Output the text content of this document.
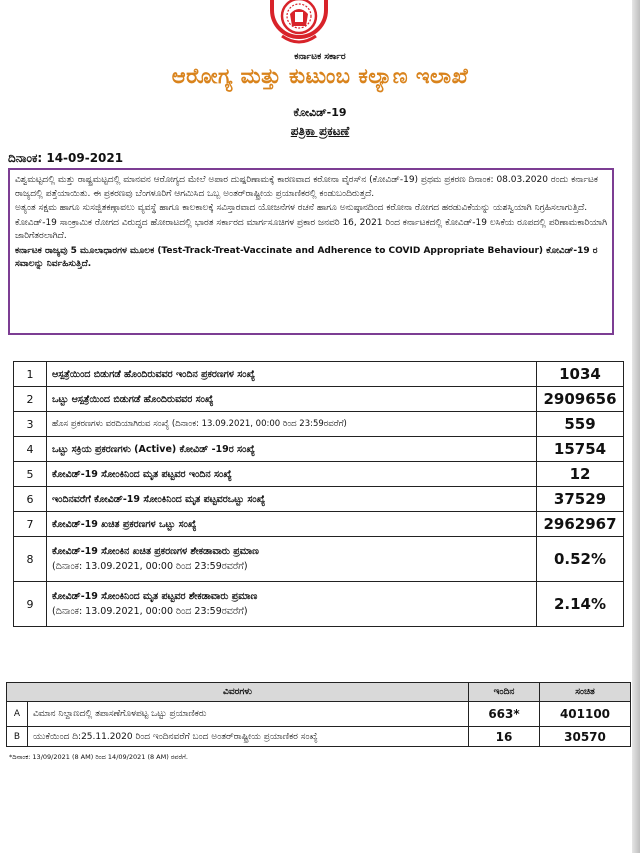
ಕರ್ನಾಟಕ ಸರ್ಕಾರ
ಆರೋಗ್ಯ ಮತ್ತು ಕುಟುಂಬ ಕಲ್ಯಾಣ ಇಲಾಖೆ
ಕೋವಿಡ್-19
ಪತ್ರಿಕಾ ಪ್ರಕಟಣೆ
ದಿನಾಂಕ: 14-09-2021

ವಿಶ್ವಮಟ್ಟದಲ್ಲಿ ಮತ್ತು ರಾಷ್ಟ್ರಮಟ್ಟದಲ್ಲಿ ಮಾನವನ ಆರೋಗ್ಯದ ಮೇಲೆ ಅಪಾರ ದುಷ್ಪರಿಣಾಮಕ್ಕೆ ಕಾರಣವಾದ ಕರೋನಾ ವೈರಸ್‌ನ (ಕೋವಿಡ್-19) ಪ್ರಥಮ ಪ್ರಕರಣ ದಿನಾಂಕ: 08.03.2020 ರಂದು ಕರ್ನಾಟಕ ರಾಜ್ಯದಲ್ಲಿ ಪತ್ತೆಯಾಯಿತು. ಈ ಪ್ರಕರಣವು ಬೆಂಗಳೂರಿಗೆ ಆಗಮಿಸಿದ ಒಬ್ಬ ಅಂತರ್‌ರಾಷ್ಟ್ರೀಯ ಪ್ರಯಾಣಿಕರಲ್ಲಿ ಕಂಡುಬಂದಿರುತ್ತದೆ.

ಅತ್ಯಂತ ಸಕ್ಷಮ ಹಾಗೂ ಸುಸಜ್ಜಿತಕಣ್ಗಾವಲು ವ್ಯವಸ್ಥೆ ಹಾಗೂ ಕಾಲಕಾಲಕ್ಕೆ ಸವಿಸ್ತಾರವಾದ ಯೋಜನೆಗಳ ರಚನೆ ಹಾಗೂ ಅನುಷ್ಠಾನದಿಂದ ಕರೋನಾ ರೋಗದ ಹರಡುವಿಕೆಯನ್ನು ಯಶಸ್ವಿಯಾಗಿ ನಿಗ್ರಹಿಸಲಾಗುತ್ತಿದೆ.

ಕೋವಿಡ್-19 ಸಾಂಕ್ರಾಮಿಕ ರೋಗದ ವಿರುದ್ಧದ ಹೋರಾಟದಲ್ಲಿ ಭಾರತ ಸರ್ಕಾರದ ಮಾರ್ಗಸೂಚಿಗಳ ಪ್ರಕಾರ ಜನವರಿ 16, 2021 ರಿಂದ ಕರ್ನಾಟಕದಲ್ಲಿ ಕೋವಿಡ್-19 ಲಸಿಕೆಯ ರೂಪದಲ್ಲಿ ಪರಿಣಾಮಕಾರಿಯಾಗಿ ಜಾರಿಗೆತರಲಾಗಿದೆ.

ಕರ್ನಾಟಕ ರಾಜ್ಯವು 5 ಮೂಲಾಧಾರಗಳ ಮೂಲಕ (Test-Track-Treat-Vaccinate and Adherence to COVID Appropriate Behaviour) ಕೋವಿಡ್-19 ರ ಸವಾಲನ್ನು ನಿರ್ವಹಿಸುತ್ತಿದೆ.

1	ಆಸ್ಪತ್ರೆಯಿಂದ ಬಿಡುಗಡೆ ಹೊಂದಿರುವವರ ಇಂದಿನ ಪ್ರಕರಣಗಳ ಸಂಖ್ಯೆ	1034
2	ಒಟ್ಟು ಆಸ್ಪತ್ರೆಯಿಂದ ಬಿಡುಗಡೆ ಹೊಂದಿರುವವರ ಸಂಖ್ಯೆ	2909656
3	ಹೊಸ ಪ್ರಕರಣಗಳು ವರದಿಯಾಗಿರುವ ಸಂಖ್ಯೆ (ದಿನಾಂಕ: 13.09.2021, 00:00 ರಿಂದ 23:59ರವರೆಗೆ)	559
4	ಒಟ್ಟು ಸಕ್ರಿಯ ಪ್ರಕರಣಗಳು (Active) ಕೋವಿಡ್ -19ರ ಸಂಖ್ಯೆ	15754
5	ಕೋವಿಡ್-19 ಸೋಂಕಿನಿಂದ ಮೃತ ಪಟ್ಟವರ ಇಂದಿನ ಸಂಖ್ಯೆ	12
6	ಇಂದಿನವರೆಗೆ ಕೋವಿಡ್-19 ಸೋಂಕಿನಿಂದ ಮೃತ ಪಟ್ಟವರಒಟ್ಟು ಸಂಖ್ಯೆ	37529
7	ಕೋವಿಡ್-19 ಖಚಿತ ಪ್ರಕರಣಗಳ ಒಟ್ಟು ಸಂಖ್ಯೆ	2962967
8	ಕೋವಿಡ್-19 ಸೋಂಕಿನ ಖಚಿತ ಪ್ರಕರಣಗಳ ಶೇಕಡಾವಾರು ಪ್ರಮಾಣ
(ದಿನಾಂಕ: 13.09.2021, 00:00 ರಿಂದ 23:59ರವರೆಗೆ)	0.52%
9	ಕೋವಿಡ್-19 ಸೋಂಕಿನಿಂದ ಮೃತ ಪಟ್ಟವರ ಶೇಕಡಾವಾರು ಪ್ರಮಾಣ
(ದಿನಾಂಕ: 13.09.2021, 00:00 ರಿಂದ 23:59ರವರೆಗೆ)	2.14%
ವಿವರಗಳು		ಇಂದಿನ	ಸಂಚಿತ
A	ವಿಮಾನ ನಿಲ್ದಾಣದಲ್ಲಿ ತಪಾಸಣೆಗೊಳಪಟ್ಟ ಒಟ್ಟು ಪ್ರಯಾಣಿಕರು	663*	401100
B	ಯುಕೆಯಿಂದ ದಿ:25.11.2020 ರಿಂದ ಇಂದಿನವರೆಗೆ ಬಂದ ಅಂತರ್‌ರಾಷ್ಟ್ರೀಯ ಪ್ರಯಾಣಿಕರ ಸಂಖ್ಯೆ	16	30570
*ದಿನಾಂಕ: 13/09/2021 (8 AM) ರಿಂದ 14/09/2021 (8 AM) ರವರೆಗೆ.
